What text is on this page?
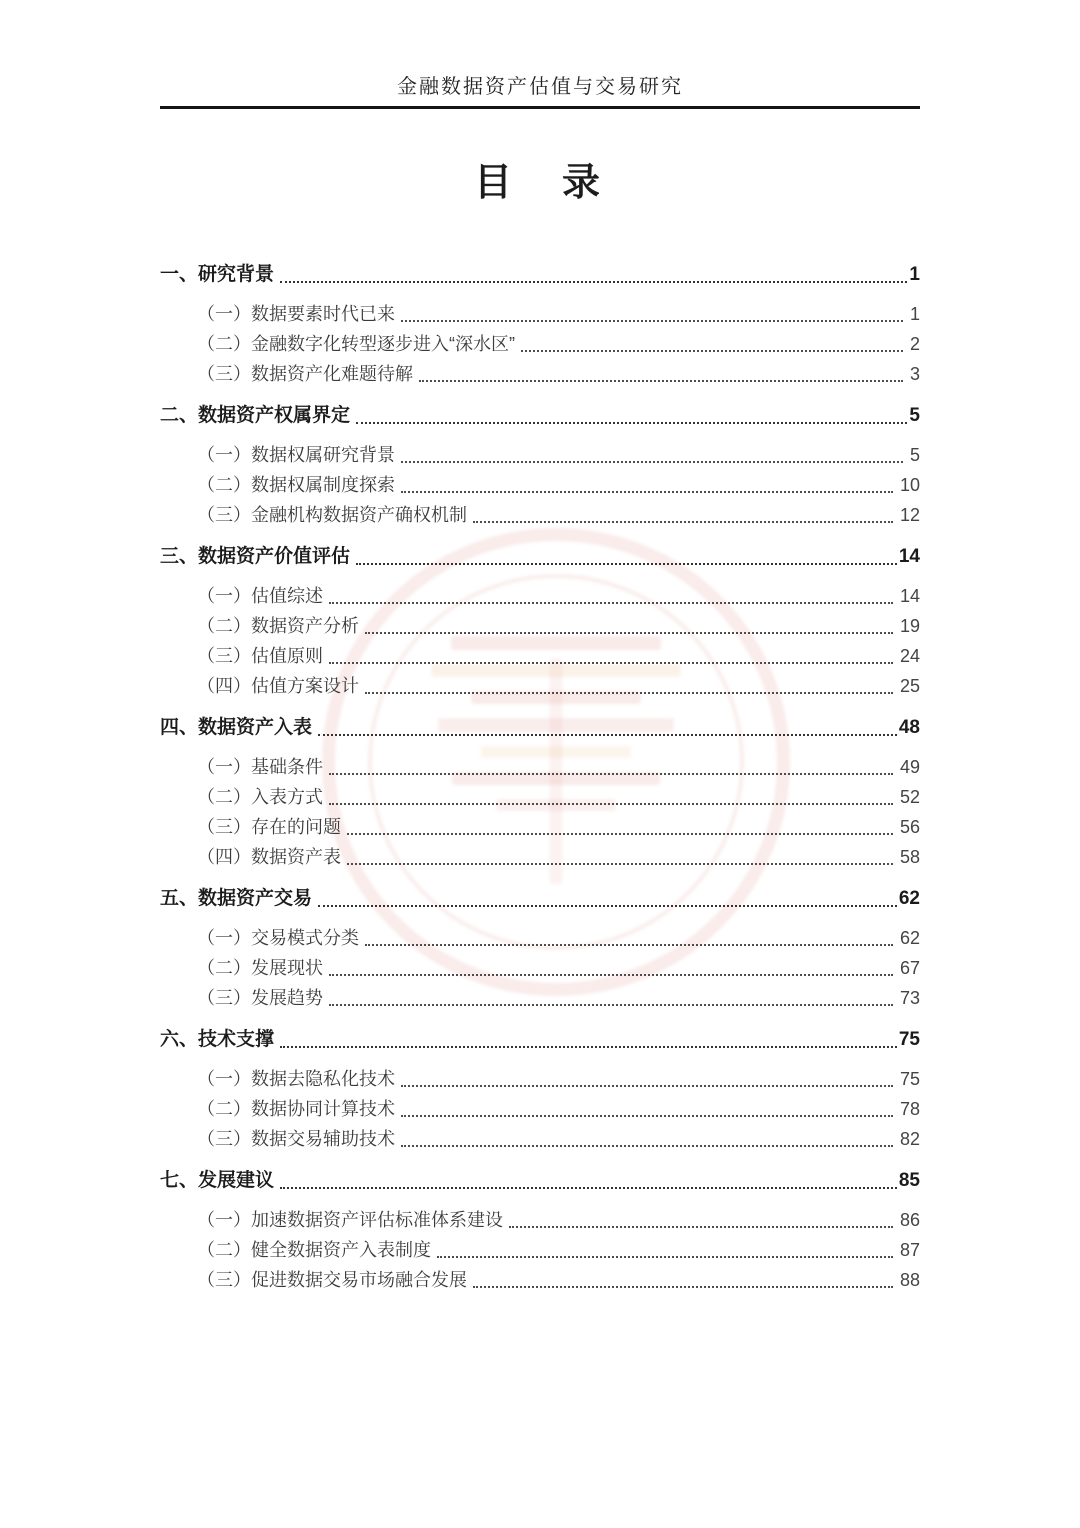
金融数据资产估值与交易研究
目　录
一、研究背景	1
（一）数据要素时代已来	1
（二）金融数字化转型逐步进入“深水区”	2
（三）数据资产化难题待解	3
二、数据资产权属界定	5
（一）数据权属研究背景	5
（二）数据权属制度探索	10
（三）金融机构数据资产确权机制	12
三、数据资产价值评估	14
（一）估值综述	14
（二）数据资产分析	19
（三）估值原则	24
（四）估值方案设计	25
四、数据资产入表	48
（一）基础条件	49
（二）入表方式	52
（三）存在的问题	56
（四）数据资产表	58
五、数据资产交易	62
（一）交易模式分类	62
（二）发展现状	67
（三）发展趋势	73
六、技术支撑	75
（一）数据去隐私化技术	75
（二）数据协同计算技术	78
（三）数据交易辅助技术	82
七、发展建议	85
（一）加速数据资产评估标准体系建设	86
（二）健全数据资产入表制度	87
（三）促进数据交易市场融合发展	88
